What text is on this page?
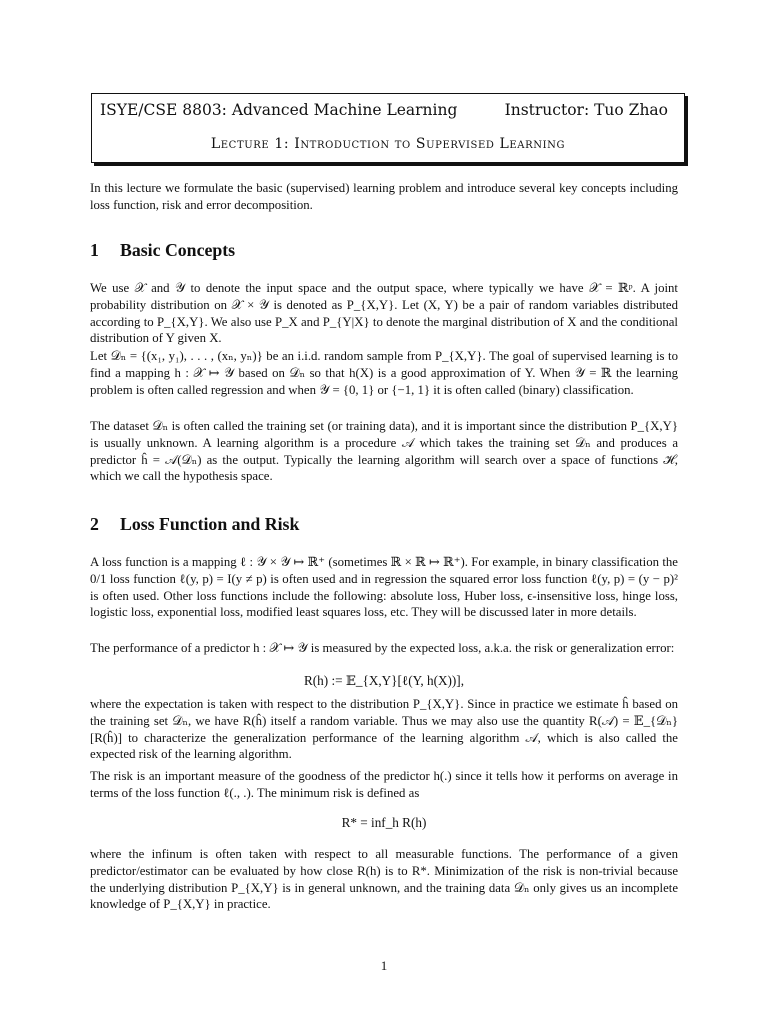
ISYE/CSE 8803: Advanced Machine Learning	Instructor: Tuo Zhao
Lecture 1: Introduction to Supervised Learning
In this lecture we formulate the basic (supervised) learning problem and introduce several key concepts including loss function, risk and error decomposition.
1 Basic Concepts
We use 𝒳 and 𝒴 to denote the input space and the output space, where typically we have 𝒳 = ℝᵖ. A joint probability distribution on 𝒳 × 𝒴 is denoted as P_{X,Y}. Let (X, Y) be a pair of random variables distributed according to P_{X,Y}. We also use P_X and P_{Y|X} to denote the marginal distribution of X and the conditional distribution of Y given X.
Let 𝒟ₙ = {(x₁, y₁), . . . , (xₙ, yₙ)} be an i.i.d. random sample from P_{X,Y}. The goal of supervised learning is to find a mapping h : 𝒳 ↦ 𝒴 based on 𝒟ₙ so that h(X) is a good approximation of Y. When 𝒴 = ℝ the learning problem is often called regression and when 𝒴 = {0, 1} or {−1, 1} it is often called (binary) classification.
The dataset 𝒟ₙ is often called the training set (or training data), and it is important since the distribution P_{X,Y} is usually unknown. A learning algorithm is a procedure 𝒜 which takes the training set 𝒟ₙ and produces a predictor ĥ = 𝒜(𝒟ₙ) as the output. Typically the learning algorithm will search over a space of functions ℋ, which we call the hypothesis space.
2 Loss Function and Risk
A loss function is a mapping ℓ : 𝒴 × 𝒴 ↦ ℝ⁺ (sometimes ℝ × ℝ ↦ ℝ⁺). For example, in binary classification the 0/1 loss function ℓ(y, p) = I(y ≠ p) is often used and in regression the squared error loss function ℓ(y, p) = (y − p)² is often used. Other loss functions include the following: absolute loss, Huber loss, ϵ-insensitive loss, hinge loss, logistic loss, exponential loss, modified least squares loss, etc. They will be discussed later in more details.
The performance of a predictor h : 𝒳 ↦ 𝒴 is measured by the expected loss, a.k.a. the risk or generalization error:
R(h) := 𝔼_{X,Y}[ℓ(Y, h(X))],
where the expectation is taken with respect to the distribution P_{X,Y}. Since in practice we estimate ĥ based on the training set 𝒟ₙ, we have R(ĥ) itself a random variable. Thus we may also use the quantity R(𝒜) = 𝔼_{𝒟ₙ}[R(ĥ)] to characterize the generalization performance of the learning algorithm 𝒜, which is also called the expected risk of the learning algorithm.
The risk is an important measure of the goodness of the predictor h(.) since it tells how it performs on average in terms of the loss function ℓ(., .). The minimum risk is defined as
R* = inf_h R(h)
where the infinum is often taken with respect to all measurable functions. The performance of a given predictor/estimator can be evaluated by how close R(h) is to R*. Minimization of the risk is non-trivial because the underlying distribution P_{X,Y} is in general unknown, and the training data 𝒟ₙ only gives us an incomplete knowledge of P_{X,Y} in practice.
1
